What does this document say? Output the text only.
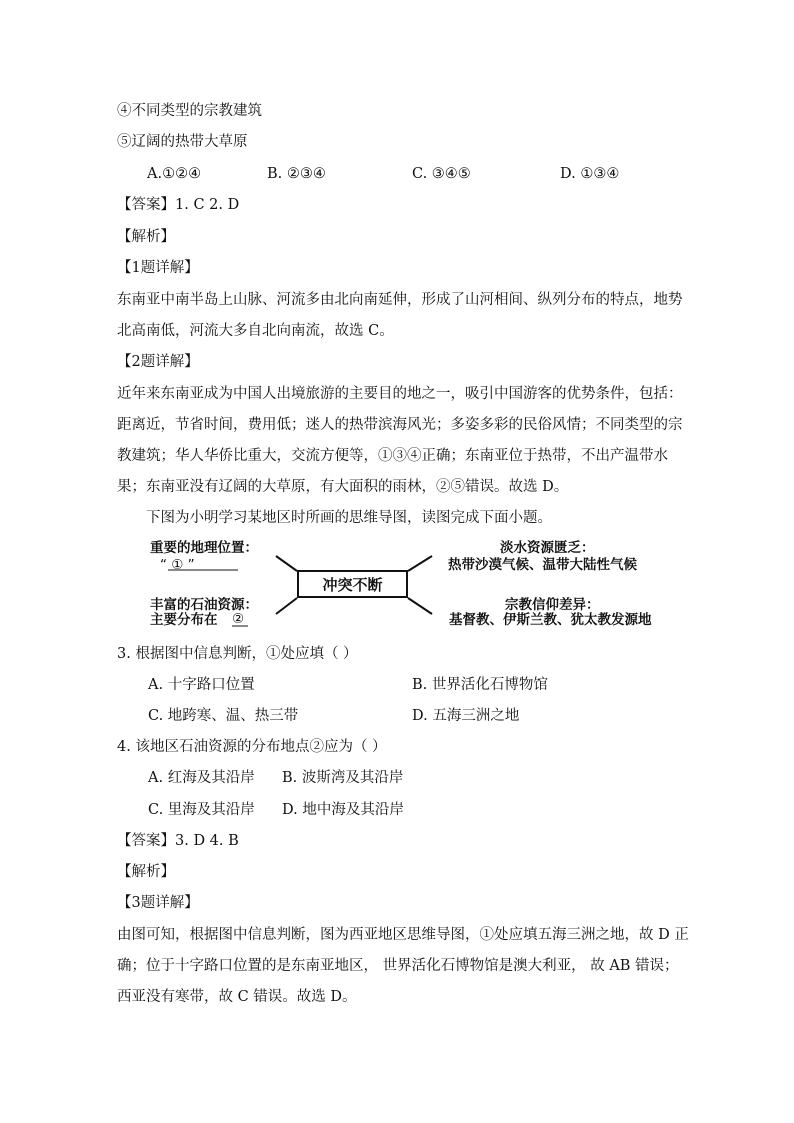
④不同类型的宗教建筑
⑤辽阔的热带大草原
A.①②④	B. ②③④	C. ③④⑤	D. ①③④
【答案】1. C 2. D
【解析】
【1题详解】
东南亚中南半岛上山脉、河流多由北向南延伸，形成了山河相间、纵列分布的特点，地势
北高南低，河流大多自北向南流，故选 C。
【2题详解】
近年来东南亚成为中国人出境旅游的主要目的地之一，吸引中国游客的优势条件，包括：
距离近，节省时间，费用低；迷人的热带滨海风光；多姿多彩的民俗风情；不同类型的宗
教建筑；华人华侨比重大，交流方便等，①③④正确；东南亚位于热带，不出产温带水
果；东南亚没有辽阔的大草原，有大面积的雨林，②⑤错误。故选 D。
下图为小明学习某地区时所画的思维导图，读图完成下面小题。
冲突不断
重要的地理位置：
“ ① ”
丰富的石油资源：
主要分布在 ②
淡水资源匮乏：
热带沙漠气候、温带大陆性气候
宗教信仰差异：
基督教、伊斯兰教、犹太教发源地
3. 根据图中信息判断，①处应填（ ）
A. 十字路口位置	B. 世界活化石博物馆
C. 地跨寒、温、热三带	D. 五海三洲之地
4. 该地区石油资源的分布地点②应为（ ）
A. 红海及其沿岸 B. 波斯湾及其沿岸
C. 里海及其沿岸 D. 地中海及其沿岸
【答案】3. D 4. B
【解析】
【3题详解】
由图可知，根据图中信息判断，图为西亚地区思维导图，①处应填五海三洲之地，故 D 正
确；位于十字路口位置的是东南亚地区， 世界活化石博物馆是澳大利亚， 故 AB 错误；
西亚没有寒带，故 C 错误。故选 D。
